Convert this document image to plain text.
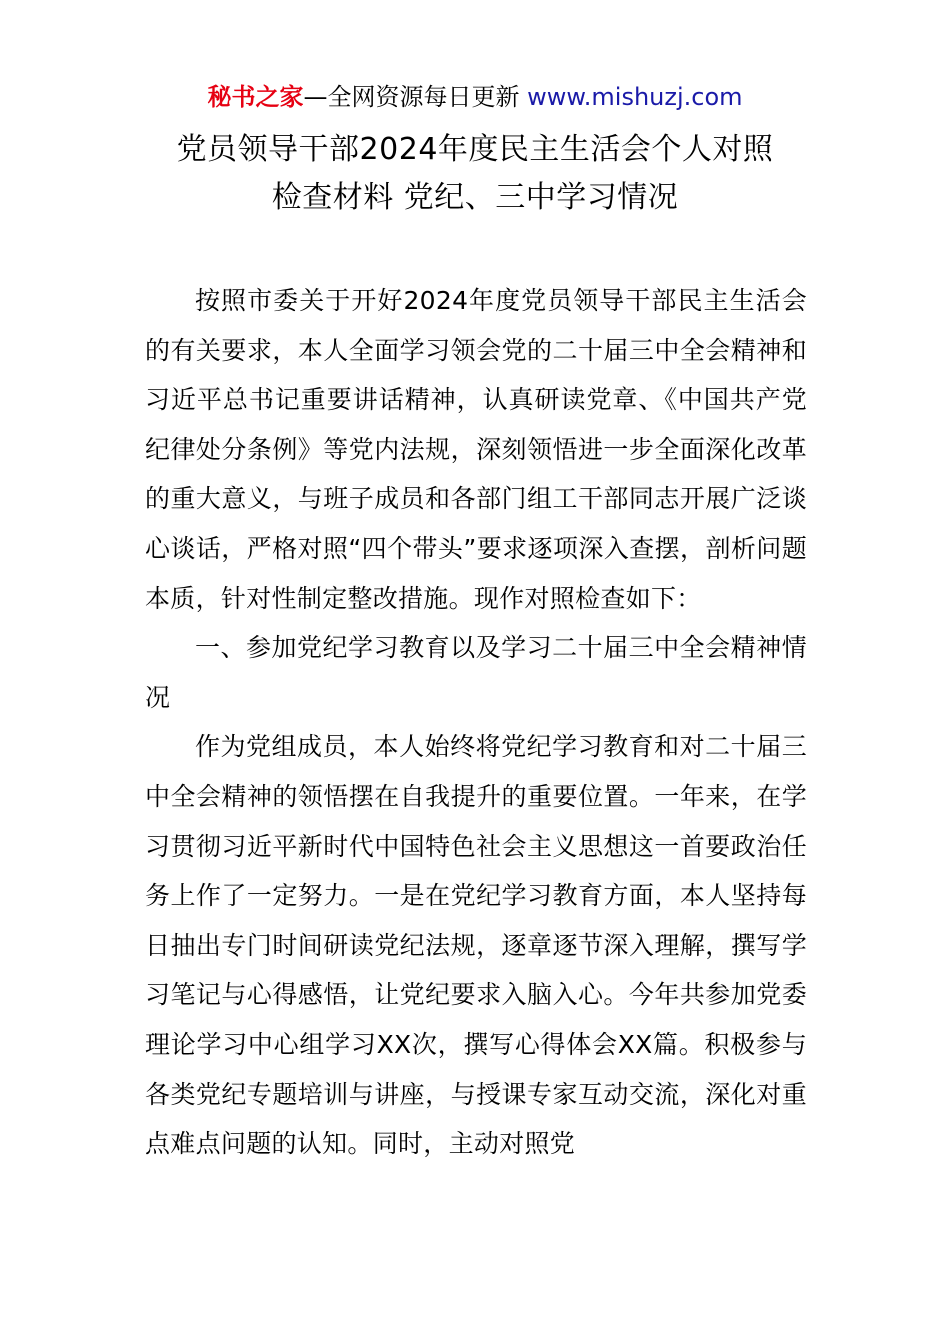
秘书之家—全网资源每日更新 www.mishuzj.com
党员领导干部2024年度民主生活会个人对照
检查材料 党纪、三中学习情况

按照市委关于开好2024年度党员领导干部民主生活会的有关要求，本人全面学习领会党的二十届三中全会精神和习近平总书记重要讲话精神，认真研读党章、《中国共产党纪律处分条例》等党内法规，深刻领悟进一步全面深化改革的重大意义，与班子成员和各部门组工干部同志开展广泛谈心谈话，严格对照“四个带头”要求逐项深入查摆，剖析问题本质，针对性制定整改措施。现作对照检查如下：

一、参加党纪学习教育以及学习二十届三中全会精神情况

作为党组成员，本人始终将党纪学习教育和对二十届三中全会精神的领悟摆在自我提升的重要位置。一年来，在学习贯彻习近平新时代中国特色社会主义思想这一首要政治任务上作了一定努力。一是在党纪学习教育方面，本人坚持每日抽出专门时间研读党纪法规，逐章逐节深入理解，撰写学习笔记与心得感悟，让党纪要求入脑入心。今年共参加党委理论学习中心组学习XX次，撰写心得体会XX篇。积极参与各类党纪专题培训与讲座，与授课专家互动交流，深化对重点难点问题的认知。同时，主动对照党
